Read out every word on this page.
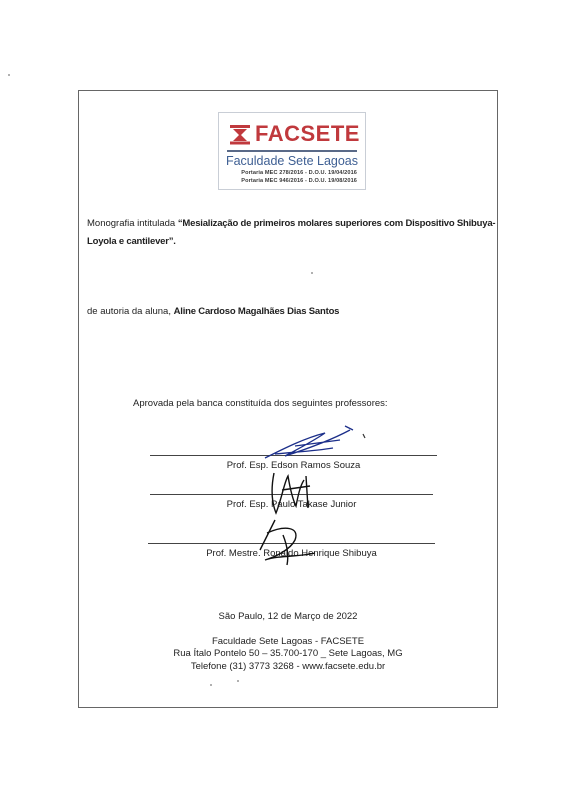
FACSETE
Faculdade Sete Lagoas
Portaria MEC 278/2016 - D.O.U. 19/04/2016
Portaria MEC 946/2016 - D.O.U. 19/08/2016
Monografia intitulada “Mesialização de primeiros molares superiores com Dispositivo Shibuya-
Loyola e cantilever”.
de autoria da aluna, Aline Cardoso Magalhães Dias Santos
Aprovada pela banca constituída dos seguintes professores:
Prof. Esp. Edson Ramos Souza
Prof. Esp. Paulo Takase Junior
Prof. Mestre. Ronaldo Henrique Shibuya
São Paulo, 12 de Março de 2022
Faculdade Sete Lagoas - FACSETE
Rua Ítalo Pontelo 50 – 35.700-170 _ Sete Lagoas, MG
Telefone (31) 3773 3268 - www.facsete.edu.br
